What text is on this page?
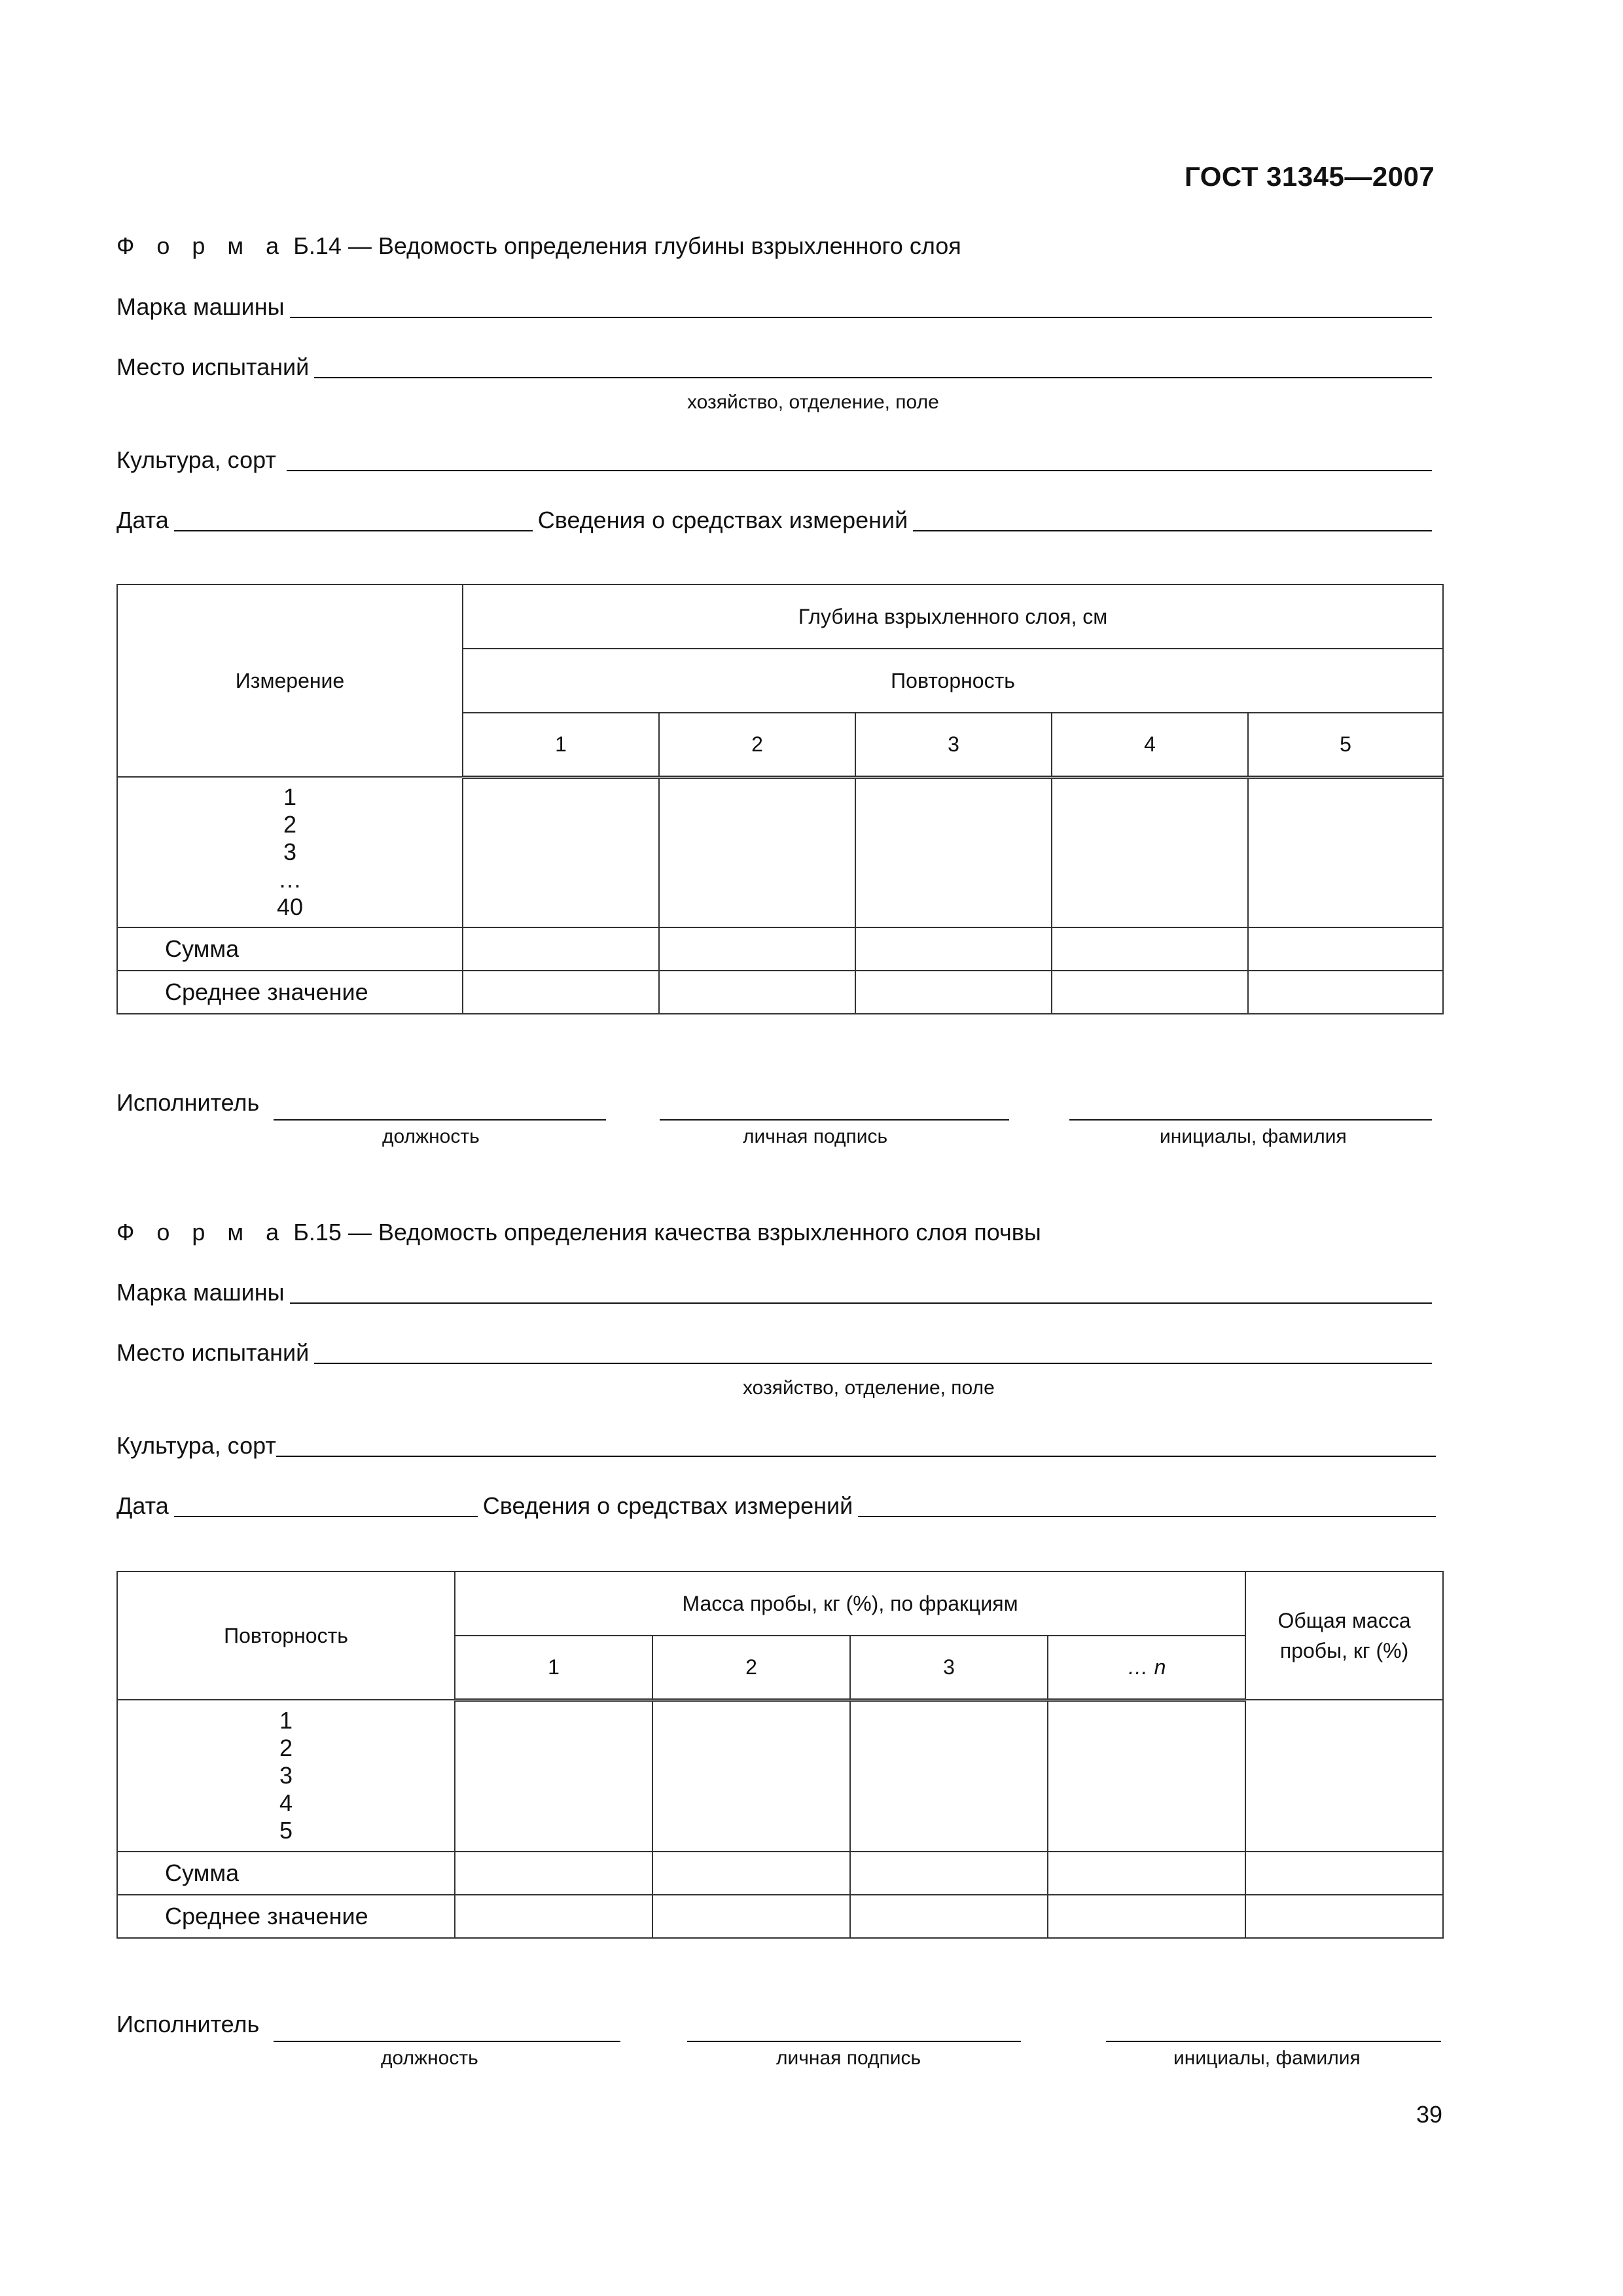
ГОСТ 31345—2007
Ф о р м а Б.14 — Ведомость определения глубины взрыхленного слоя
Марка машины
Место испытаний
хозяйство, отделение, поле
Культура, сорт
Дата	Сведения о средствах измерений
Измерение	Глубина взрыхленного слоя, см				
	Повторность				
	1	2	3	4	5

1
2
3
…
40					

Сумма					
Среднее значение					
Исполнитель
должность	личная подпись	инициалы, фамилия
Ф о р м а Б.15 — Ведомость определения качества взрыхленного слоя почвы
Марка машины
Место испытаний
хозяйство, отделение, поле
Культура, сорт
Дата	Сведения о средствах измерений
Повторность	Масса пробы, кг (%), по фракциям				Общая масса пробы, кг (%)
	1	2	3	… n	

1
2
3
4
5					

Сумма					
Среднее значение					
Исполнитель
должность	личная подпись	инициалы, фамилия
39
